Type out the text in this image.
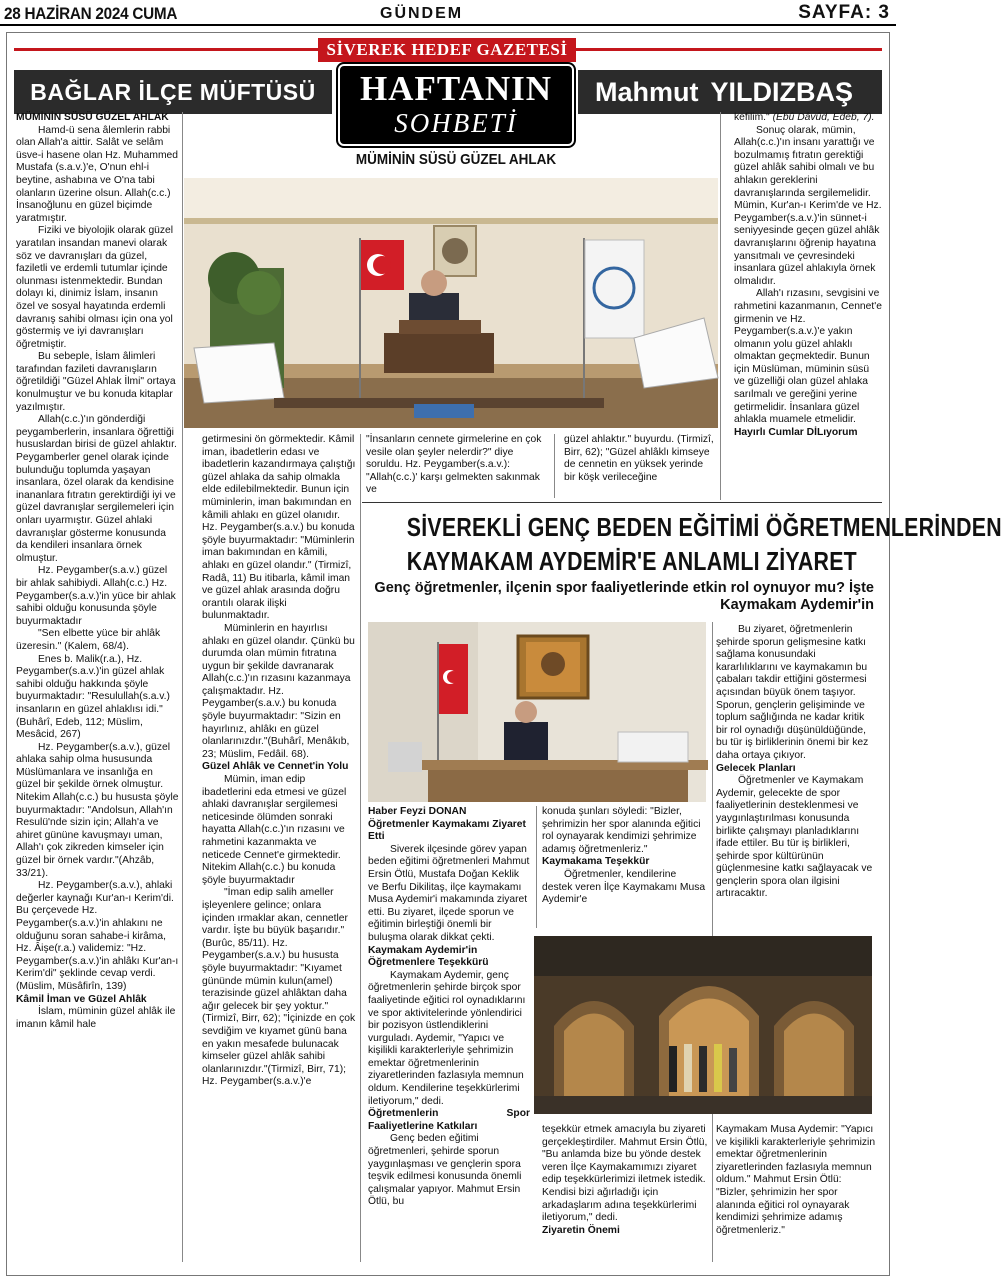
28 HAZİRAN 2024 CUMA	GÜNDEM	SAYFA: 3
SİVEREK HEDEF GAZETESİ
BAĞLAR İLÇE MÜFTÜSÜ	Mahmut YILDIZBAŞ
HAFTANIN
SOHBETİ
MÜMİNİN SÜSÜ GÜZEL AHLAK

MÜMİNİN SÜSÜ GÜZEL AHLAK

Hamd-ü sena âlemlerin rabbi olan Allah'a aittir. Salât ve selâm üsve-i hasene olan Hz. Muhammed Mustafa (s.a.v.)'e, O'nun ehl-i beytine, ashabına ve O'na tabi olanların üzerine olsun. Allah(c.c.) İnsanoğlunu en güzel biçimde yaratmıştır.

Fiziki ve biyolojik olarak güzel yaratılan insandan manevi olarak söz ve davranışları da güzel, faziletli ve erdemli tutumlar içinde olunması istenmektedir. Bundan dolayı ki, dinimiz İslam, insanın özel ve sosyal hayatında erdemli davranış sahibi olması için ona yol göstermiş ve iyi davranışları öğretmiştir.

Bu sebeple, İslam âlimleri tarafından fazileti davranışların öğretildiği "Güzel Ahlak İlmi" ortaya konulmuştur ve bu konuda kitaplar yazılmıştır.

Allah(c.c.)'ın gönderdiği peygamberlerin, insanlara öğrettiği hususlardan birisi de güzel ahlaktır. Peygamberler genel olarak içinde bulunduğu toplumda yaşayan insanlara, özel olarak da kendisine inananlara fıtratın gerektirdiği iyi ve güzel davranışlar sergilemeleri için onları uyarmıştır. Güzel ahlaki davranışlar gösterme konusunda da kendileri insanlara örnek olmuştur.

Hz. Peygamber(s.a.v.) güzel bir ahlak sahibiydi. Allah(c.c.) Hz. Peygamber(s.a.v.)'in yüce bir ahlak sahibi olduğu konusunda şöyle buyurmaktadır

"Sen elbette yüce bir ahlâk üzeresin." (Kalem, 68/4).

Enes b. Malik(r.a.), Hz. Peygamber(s.a.v.)'in güzel ahlak sahibi olduğu hakkında şöyle buyurmaktadır: "Resulullah(s.a.v.) insanların en güzel ahlaklısı idi."(Buhârî, Edeb, 112; Müslim, Mesâcid, 267)

Hz. Peygamber(s.a.v.), güzel ahlaka sahip olma hususunda Müslümanlara ve insanlığa en güzel bir şekilde örnek olmuştur. Nitekim Allah(c.c.) bu hususta şöyle buyurmaktadır: "Andolsun, Allah'ın Resulü'nde sizin için; Allah'a ve ahiret gününe kavuşmayı uman, Allah'ı çok zikreden kimseler için güzel bir örnek vardır."(Ahzâb, 33/21).

Hz. Peygamber(s.a.v.), ahlaki değerler kaynağı Kur'an-ı Kerim'di. Bu çerçevede Hz. Peygamber(s.a.v.)'in ahlakını ne olduğunu soran sahabe-i kirâma, Hz. Âişe(r.a.) validemiz: "Hz. Peygamber(s.a.v.)'in ahlâkı Kur'an-ı Kerim'di" şeklinde cevap verdi.(Müslim, Müsâfirîn, 139)

Kâmil İman ve Güzel Ahlâk

İslam, müminin güzel ahlâk ile imanın kâmil hale

getirmesini ön görmektedir. Kâmil iman, ibadetlerin edası ve ibadetlerin kazandırmaya çalıştığı güzel ahlaka da sahip olmakla elde edilebilmektedir. Bunun için müminlerin, iman bakımından en kâmili ahlakı en güzel olanıdır. Hz. Peygamber(s.a.v.) bu konuda şöyle buyurmaktadır: "Müminlerin iman bakımından en kâmili, ahlakı en güzel olandır." (Tirmizî, Radâ, 11) Bu itibarla, kâmil iman ve güzel ahlak arasında doğru orantılı olarak ilişki bulunmaktadır.

Müminlerin en hayırlısı ahlakı en güzel olandır. Çünkü bu durumda olan mümin fıtratına uygun bir şekilde davranarak Allah(c.c.)'ın rızasını kazanmaya çalışmaktadır. Hz. Peygamber(s.a.v.) bu konuda şöyle buyurmaktadır: "Sizin en hayırlınız, ahlâkı en güzel olanlarınızdır."(Buhârî, Menâkıb, 23; Müslim, Fedâil. 68).

Güzel Ahlâk ve Cennet'in Yolu

Mümin, iman edip ibadetlerini eda etmesi ve güzel ahlaki davranışlar sergilemesi neticesinde ölümden sonraki hayatta Allah(c.c.)'ın rızasını ve rahmetini kazanmakta ve neticede Cennet'e girmektedir. Nitekim Allah(c.c.) bu konuda şöyle buyurmaktadır

"İman edip salih ameller işleyenlere gelince; onlara içinden ırmaklar akan, cennetler vardır. İşte bu büyük başarıdır." (Burûc, 85/11). Hz. Peygamber(s.a.v.) bu hususta şöyle buyurmaktadır: "Kıyamet gününde mümin kulun(amel) terazisinde güzel ahlâktan daha ağır gelecek bir şey yoktur."(Tirmizî, Birr, 62); "İçinizde en çok sevdiğim ve kıyamet günü bana en yakın mesafede bulunacak kimseler güzel ahlâk sahibi olanlarınızdır."(Tirmizî, Birr, 71); Hz. Peygamber(s.a.v.)'e

"İnsanların cennete girmelerine en çok vesile olan şeyler nelerdir?" diye soruldu. Hz. Peygamber(s.a.v.): "Allah(c.c.)' karşı gelmekten sakınmak ve

güzel ahlaktır." buyurdu. (Tirmizî, Birr, 62); "Güzel ahlâklı kimseye de cennetin en yüksek yerinde bir köşk verileceğine

kefilim." (Ebû Dâvûd, Edeb, 7).

Sonuç olarak, mümin, Allah(c.c.)'ın insanı yarattığı ve bozulmamış fıtratın gerektiği güzel ahlâk sahibi olmalı ve bu ahlakın gereklerini davranışlarında sergilemelidir. Mümin, Kur'an-ı Kerim'de ve Hz. Peygamber(s.a.v.)'in sünnet-i seniyyesinde geçen güzel ahlâk davranışlarını öğrenip hayatına yansıtmalı ve çevresindeki insanlara güzel ahlakıyla örnek olmalıdır.

Allah'ı rızasını, sevgisini ve rahmetini kazanmanın, Cennet'e girmenin ve Hz. Peygamber(s.a.v.)'e yakın olmanın yolu güzel ahlaklı olmaktan geçmektedir. Bunun için Müslüman, müminin süsü ve güzelliği olan güzel ahlaka sarılmalı ve gereğini yerine getirmelidir. İnsanlara güzel ahlakla muamele etmelidir.

Hayırlı Cumlar DİLıyorum

SİVEREKLİ GENÇ BEDEN EĞİTİMİ ÖĞRETMENLERİNDEN
KAYMAKAM AYDEMİR'E ANLAMLI ZİYARET
Genç öğretmenler, ilçenin spor faaliyetlerinde etkin rol oynuyor mu? İşte Kaymakam Aydemir'in

Haber Feyzi DONAN

Öğretmenler Kaymakamı Ziyaret Etti

Siverek ilçesinde görev yapan beden eğitimi öğretmenleri Mahmut Ersin Ötlü, Mustafa Doğan Keklik ve Berfu Dikilitaş, ilçe kaymakamı Musa Aydemir'i makamında ziyaret etti. Bu ziyaret, ilçede sporun ve eğitimin birleştiği önemli bir buluşma olarak dikkat çekti.

Kaymakam Aydemir'in Öğretmenlere Teşekkürü

Kaymakam Aydemir, genç öğretmenlerin şehirde birçok spor faaliyetinde eğitici rol oynadıklarını ve spor aktivitelerinde yönlendirici bir pozisyon üstlendiklerini vurguladı. Aydemir, "Yapıcı ve kişilikli karakterleriyle şehrimizin emektar öğretmenlerinin ziyaretlerinden fazlasıyla memnun oldum. Kendilerine teşekkürlerimi iletiyorum," dedi.

Öğretmenlerin Spor Faaliyetlerine Katkıları

Genç beden eğitimi öğretmenleri, şehirde sporun yaygınlaşması ve gençlerin spora teşvik edilmesi konusunda önemli çalışmalar yapıyor. Mahmut Ersin Ötlü, bu

konuda şunları söyledi: "Bizler, şehrimizin her spor alanında eğitici rol oynayarak kendimizi şehrimize adamış öğretmenleriz."

Kaymakama Teşekkür

Öğretmenler, kendilerine destek veren İlçe Kaymakamı Musa Aydemir'e

teşekkür etmek amacıyla bu ziyareti gerçekleştirdiler. Mahmut Ersin Ötlü, "Bu anlamda bize bu yönde destek veren İlçe Kaymakamımızı ziyaret edip teşekkürlerimizi iletmek istedik. Kendisi bizi ağırladığı için arkadaşlarım adına teşekkürlerimi iletiyorum," dedi.

Ziyaretin Önemi

Bu ziyaret, öğretmenlerin şehirde sporun gelişmesine katkı sağlama konusundaki kararlılıklarını ve kaymakamın bu çabaları takdir ettiğini göstermesi açısından büyük önem taşıyor. Sporun, gençlerin gelişiminde ve toplum sağlığında ne kadar kritik bir rol oynadığı düşünüldüğünde, bu tür iş birliklerinin önemi bir kez daha ortaya çıkıyor.

Gelecek Planları

Öğretmenler ve Kaymakam Aydemir, gelecekte de spor faaliyetlerinin desteklenmesi ve yaygınlaştırılması konusunda birlikte çalışmayı planladıklarını ifade ettiler. Bu tür iş birlikleri, şehirde spor kültürünün güçlenmesine katkı sağlayacak ve gençlerin spora olan ilgisini artıracaktır.

Kaymakam Musa Aydemir: "Yapıcı ve kişilikli karakterleriyle şehrimizin emektar öğretmenlerinin ziyaretlerinden fazlasıyla memnun oldum." Mahmut Ersin Ötlü: "Bizler, şehrimizin her spor alanında eğitici rol oynayarak kendimizi şehrimize adamış öğretmenleriz."
